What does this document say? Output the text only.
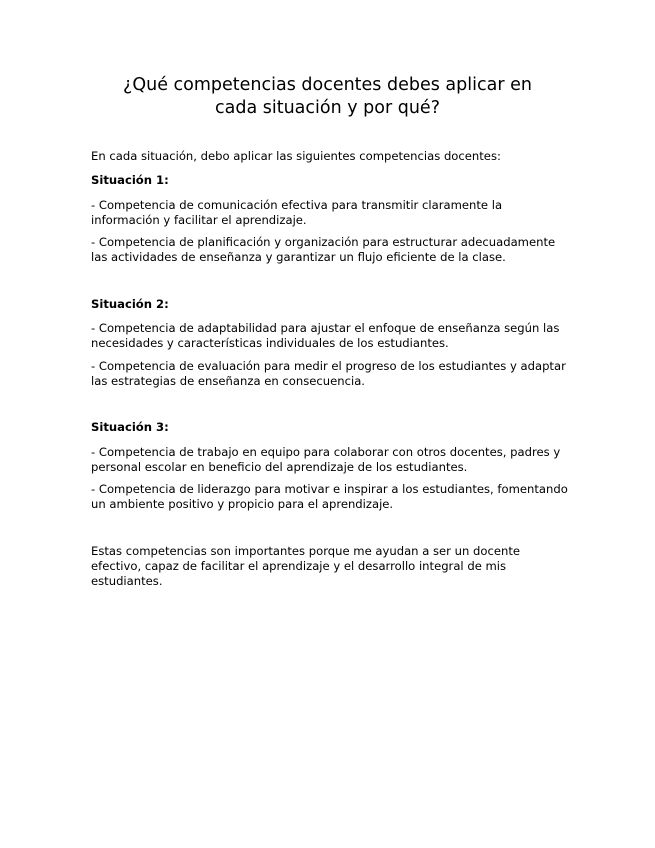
¿Qué competencias docentes debes aplicar en
cada situación y por qué?

En cada situación, debo aplicar las siguientes competencias docentes:

Situación 1:

- Competencia de comunicación efectiva para transmitir claramente la información y facilitar el aprendizaje.

- Competencia de planificación y organización para estructurar adecuadamente las actividades de enseñanza y garantizar un flujo eficiente de la clase.

Situación 2:

- Competencia de adaptabilidad para ajustar el enfoque de enseñanza según las necesidades y características individuales de los estudiantes.

- Competencia de evaluación para medir el progreso de los estudiantes y adaptar las estrategias de enseñanza en consecuencia.

Situación 3:

- Competencia de trabajo en equipo para colaborar con otros docentes, padres y personal escolar en beneficio del aprendizaje de los estudiantes.

- Competencia de liderazgo para motivar e inspirar a los estudiantes, fomentando un ambiente positivo y propicio para el aprendizaje.

Estas competencias son importantes porque me ayudan a ser un docente efectivo, capaz de facilitar el aprendizaje y el desarrollo integral de mis estudiantes.
